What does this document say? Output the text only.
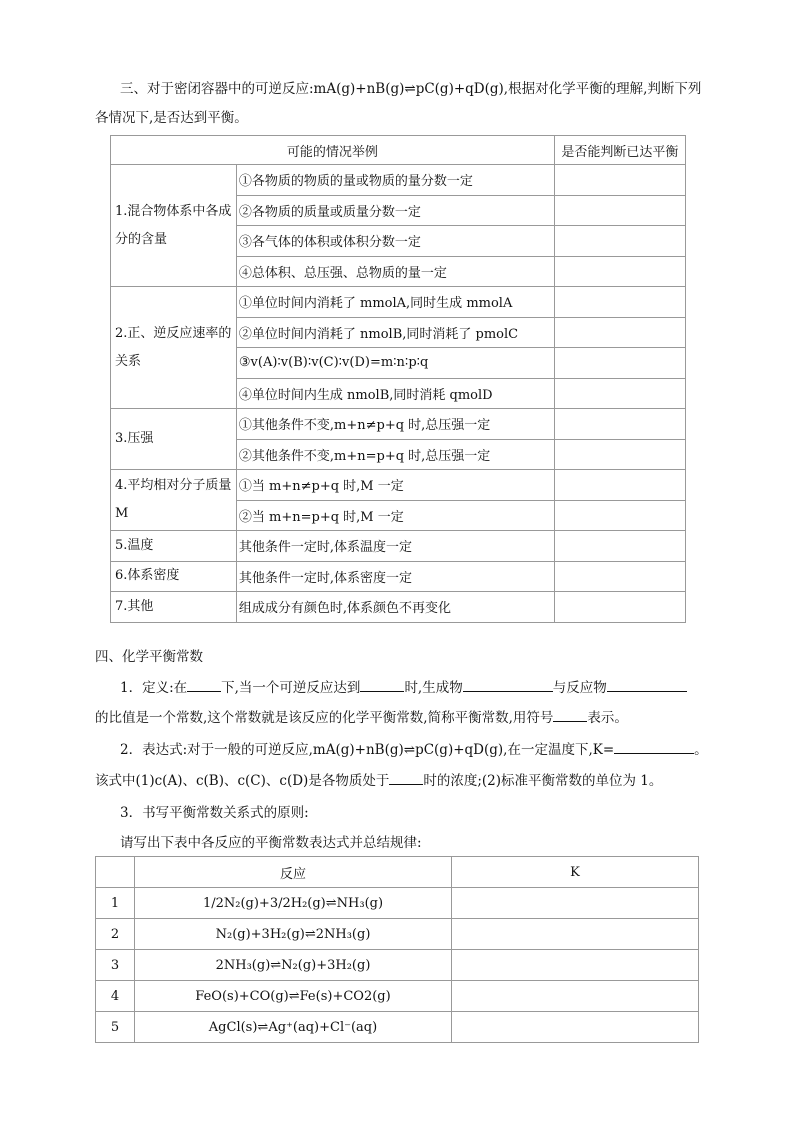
三、对于密闭容器中的可逆反应:mA(g)+nB(g)⇌pC(g)+qD(g),根据对化学平衡的理解,判断下列
各情况下,是否达到平衡。
可能的情况举例		是否能判断已达平衡
1.混合物体系中各成分的含量	①各物质的物质的量或物质的量分数一定	
	②各物质的质量或质量分数一定	
	③各气体的体积或体积分数一定	
	④总体积、总压强、总物质的量一定	
2.正、逆反应速率的关系	①单位时间内消耗了 mmolA,同时生成 mmolA	
	②单位时间内消耗了 nmolB,同时消耗了 pmolC	
	③v(A)∶v(B)∶v(C)∶v(D)=m∶n∶p∶q	
	④单位时间内生成 nmolB,同时消耗 qmolD	
3.压强	①其他条件不变,m+n≠p+q 时,总压强一定	
	②其他条件不变,m+n=p+q 时,总压强一定	
4.平均相对分子质量 M	①当 m+n≠p+q 时,M 一定	
	②当 m+n=p+q 时,M 一定	
5.温度	其他条件一定时,体系温度一定	
6.体系密度	其他条件一定时,体系密度一定	
7.其他	组成成分有颜色时,体系颜色不再变化	
四、化学平衡常数
1．定义:在	下,当一个可逆反应达到	时,生成物	与反应物
的比值是一个常数,这个常数就是该反应的化学平衡常数,简称平衡常数,用符号	表示。
2．表达式:对于一般的可逆反应,mA(g)+nB(g)⇌pC(g)+qD(g),在一定温度下,K=	。
该式中(1)c(A)、c(B)、c(C)、c(D)是各物质处于	时的浓度;(2)标准平衡常数的单位为 1。
3．书写平衡常数关系式的原则:
请写出下表中各反应的平衡常数表达式并总结规律:
	反应	K
1	1/2N₂(g)+3/2H₂(g)⇌NH₃(g)	
2	N₂(g)+3H₂(g)⇌2NH₃(g)	
3	2NH₃(g)⇌N₂(g)+3H₂(g)	
4	FeO(s)+CO(g)⇌Fe(s)+CO2(g)	
5	AgCl(s)⇌Ag⁺(aq)+Cl⁻(aq)	
